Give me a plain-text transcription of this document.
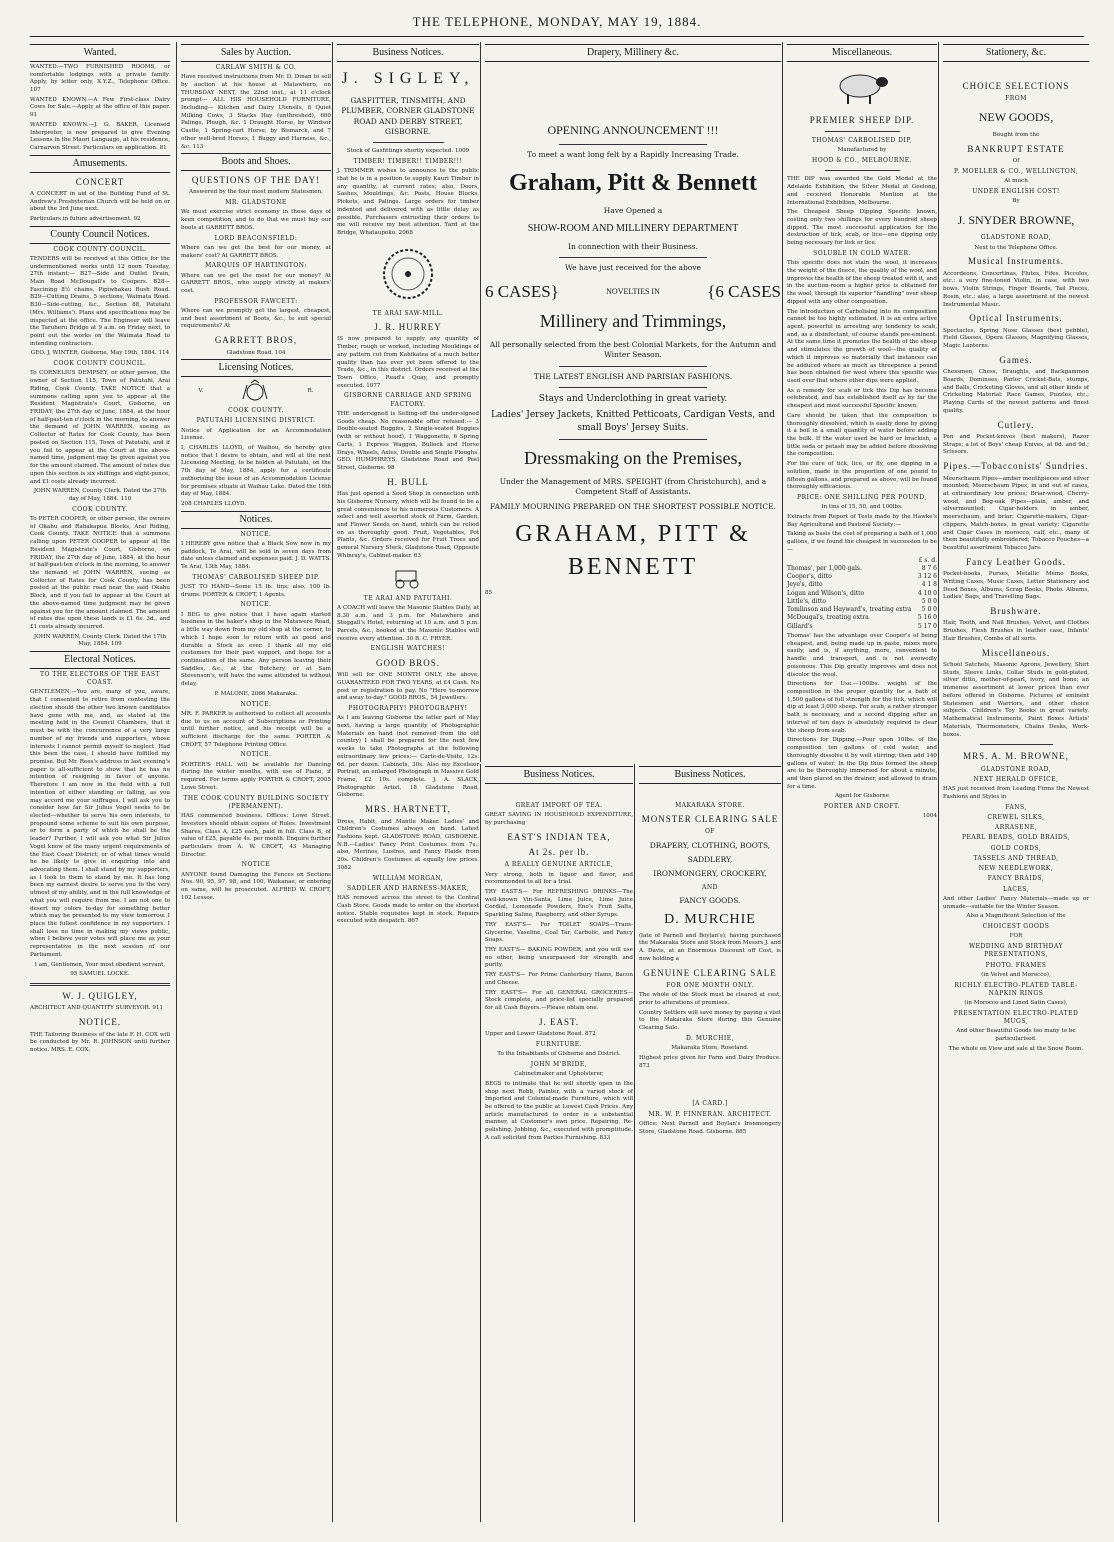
THE TELEPHONE, MONDAY, MAY 19, 1884.
Wanted.
WANTED.—TWO FURNISHED ROOMS, or comfortable lodgings with a private family. Apply, by letter only, X.Y.Z., Telephone Office. 107
WANTED KNOWN.—A Few First-class Dairy Cows for Sale.—Apply at the office of this paper. 91
WANTED KNOWN.—J. G. BAKER, Licensed Interpreter, is now prepared to give Evening Lessons in the Maori Language, at his residence, Carnarvon Street. Particulars on application. 81
Amusements.
CONCERT
A CONCERT in aid of the Building Fund of St. Andrew's Presbyterian Church will be held on or about the 3rd June next.
Particulars in future advertisement. 92
County Council Notices.
COOK COUNTY COUNCIL.
TENDERS will be received at this Office for the undermentioned works until 12 noon Tuesday, 27th instant:— B27—Side and Outlet Drain, Main Road McDougall's to Coopers. B28—Fascining 8½ chains, Pipiwhakau Bush Road. B29—Cutting Drains, 5 sections, Waimata Road. B30—Side-cutting, &c., Section 88, Patutahi (Mrs. Williams'). Plans and specifications may be inspected at the office. The Engineer will leave the Taruheru Bridge at 9 a.m. on Friday next, to point out the works on the Waimata Road to intending contractors.
GEO. J. WINTER, Gisborne, May 19th, 1884. 114
COOK COUNTY COUNCIL.
To CORNELIUS DEMPSEY, or other person, the owner of Section 115, Town of Patutahi, Arai Riding, Cook County. TAKE NOTICE that a summons calling upon you to appear at the Resident Magistrate's Court, Gisborne, on FRIDAY, the 27th day of June, 1884, at the hour of half-past-ten o'clock in the morning, to answer the demand of JOHN WARREN, sueing as Collector of Rates for Cook County, has been posted on Section 115, Town of Patutahi, and if you fail to appear at the Court at the above-named time, judgment may be given against you for the amount claimed. The amount of rates due upon this section is six shillings and eight-pence, and £1 costs already incurred.
JOHN WARREN, County Clerk. Dated the 27th day of May, 1884. 110
COOK COUNTY.
To PETER COOPER, or other person, the owners of Okahu and Rahakapua Blocks, Arai Riding, Cook County. TAKE NOTICE that a summons calling upon PETER COOPER to appear at the Resident Magistrate's Court, Gisborne, on FRIDAY, the 27th day of June, 1884, at the hour of half-past-ten o'clock in the morning, to answer the demand of JOHN WARREN, sueing as Collector of Rates for Cook County, has been posted at the public road near the said Okahu Block, and if you fail to appear at the Court at the above-named time judgment may be given against you for the amount claimed. The amount of rates due upon these lands is £1 6s. 3d., and £1 costs already incurred.
JOHN WARREN, County Clerk. Dated the 17th May, 1884. 109
Electoral Notices.
TO THE ELECTORS OF THE EAST COAST.
GENTLEMEN,—You are, many of you, aware, that I consented to retire from contesting the election should the other two known candidates have gone with me, and, as stated at the meeting held in the Council Chambers, that it must be with the concurrence of a very large number of my friends and supporters, whose interests I cannot permit myself to neglect. Had this been the case, I should have fulfilled my promise. But Mr. Rees's address in last evening's paper is all-sufficient to show that he has no intention of resigning in favor of anyone. Therefore I am now in the field with a full intention of either standing or falling, as you may accord me your suffrages. I will ask you to consider how far Sir Julius Vogel seeks to be elected—whether to serve his own interests, to propound some scheme to suit his own purpose, or to form a party of which he shall be the leader? Further, I will ask you what Sir Julius Vogel know of the many urgent requirements of the East Coast District; or of what times would he be likely to give in enquiring into and advocating them. I shall stand by my supporters, as I look to them to stand by me. It has long been my earnest desire to serve you to the very utmost of my ability, and in the full knowledge of what you will require from me. I am not one to desert my colors to-day for something better which may be presented to my view tomorrow. I place the fullest confidence in my supporters. I shall lose no time in making my views public, when I believe your votes will place me as your representative in the next session of our Parliament.
I am, Gentlemen, Your most obedient servant,
95 SAMUEL LOCKE.
W. J. QUIGLEY,
ARCHITECT AND QUANTITY SURVEYOR. 911
NOTICE.
THE Tailoring Business of the late F. H. COX will be conducted by Mr. R. JOHNSON until further notice. MRS. E. COX.
Sales by Auction.
CARLAW SMITH & CO.
Have received instructions from Mr. D. Dinan to sell by auction at his house at Matawhero, on THURSDAY NEXT, the 22nd inst., at 11 o'clock prompt— ALL HIS HOUSEHOLD FURNITURE, Including— Kitchen and Dairy Utensils, 8 Quiet Milking Cows, 3 Stacks Hay (unthreshed), 600 Palings, Plough, &c. 1 Draught Horse, by Windsor Castle, 1 Spring-cart Horse, by Bismarck, and 7 other well-bred Horses, 1 Buggy and Harness, &c., &c. 113
Boots and Shoes.
QUESTIONS OF THE DAY!
Answered by the four most modern Statesmen.
MR. GLADSTONE
We must exercise strict economy in these days of keen competition, and to do that we must buy our boots at GARRETT BROS.
LORD BEACONSFIELD:
Where can we get the best for our money, at makers' cost? At GARRETT BROS.
MARQUIS OF HARTINGTON:
Where can we get the most for our money? At GARRETT BROS., who supply strictly at makers' cost.
PROFESSOR FAWCETT:
Where can we promptly get the largest, cheapest, and best assortment of Boots, &c., to suit special requirements? At
GARRETT BROS,
Gladstone Road. 104
Licensing Notices.
V.	R.
COOK COUNTY.
PATUTAHI LICENSING DISTRICT.
Notice of Application for an Accommodation License.
I, CHARLES LLOYD, of Waihou, do hereby give notice that I desire to obtain, and will at the next Licensing Meeting, to be holden at Patutahi, on the 7th day of May, 1884, apply for a certificate authorising the issue of an Accommodation License for premises situate at Waihau Lake. Dated the 16th day of May, 1884.
208 CHARLES LLOYD.
Notices.
NOTICE.
I HEREBY give notice that a Black Sow now in my paddock, Te Arai, will be sold in seven days from date unless claimed and expenses paid. J. D. WATTS. Te Arai, 13th May, 1884.
THOMAS' CARBOLISED SHEEP DIP.
JUST TO HAND—Some 15 lb. tins; also, 100 lb. drums. PORTER & CROFT, 1 Agents.
NOTICE.
I BEG to give notice that I have again started business in the baker's shop in the Matawero Road, a little way down from my old shop at the corner, to which I hope soon to return with as good and durable a Stock as ever. I thank all my old customers for their past support, and hope for a continuation of the same. Any person leaving their Saddles, &c., at the Butchery, or at Sam Stevenson's, will have the same attended to without delay.
P. MALONE, 2066 Makaraka.
NOTICE.
MR. F. PARKER is authorised to collect all accounts due to us on account of Subscriptions or Printing until further notice, and his receipt will be a sufficient discharge for the same. PORTER & CROFT, 57 Telephone Printing Office.
NOTICE.
PORTER'S HALL will be available for Dancing during the winter months, with use of Piano, if required. For terms apply PORTER & CROFT, 2005 Lowe Street.
THE COOK COUNTY BUILDING SOCIETY (PERMANENT).
HAS commenced business. Offices: Lowe Street. Investors should obtain copies of Rules. Investment Shares, Class A, £25 each, paid in full. Class B, of value of £25, payable 4s. per month. Enquire further particulars from A. W. CROFT, 43 Managing Director.
NOTICE
ANYONE found Damaging the Fences on Sections Nos. 90, 95, 97, 98, and 100, Waikanae, or entering on same, will be prosecuted. ALFRED W. CROFT, 102 Lessee.
Business Notices.
J. SIGLEY,
GASFITTER, TINSMITH, AND PLUMBER, CORNER GLADSTONE ROAD AND DERBY STREET, GISBORNE.
Stock of Gasfittings shortly expected. 1009
TIMBER! TIMBER!! TIMBER!!!
J. TRIMMER wishes to announce to the public that he is in a position to supply Kauri Timber in any quantity, at current rates; also, Doors, Sashes, Mouldings, &c. Posts, House Blocks, Pickets, and Palings. Large orders for timber indented and delivered with as little delay as possible. Purchasers entrusting their orders to me will receive my best attention. Yard at the Bridge, Whataupoko. 2068
TE ARAI SAW-MILL.
J. R. HURREY
IS now prepared to supply any quantity of Timber, rough or worked, including Mouldings of any pattern cut from Kahikatea of a much better quality than has ever yet been offered to the Trade, &c., in this district. Orders received at the Town Office, Read's Quay, and promptly executed. 1077
GISBORNE CARRIAGE AND SPRING FACTORY.
THE undersigned is Selling-off the under-signed Goods cheap. No reasonable offer refused:— 3 Double-seated Buggies, 2 Single-seated Buggies (with or without hood), 1 Waggonette, 6 Spring Carts, 1 Express Waggon, Bullock and Horse Drays, Wheels, Axles, Double and Single Ploughs. GEO. HUMPHREYS, Gladstone Road and Peel Street, Gisborne. 98
H. BULL
Has just opened a Seed Shop in connection with his Gisborne Nursery, which will be found to be a great convenience to his numerous Customers. A select and well assorted stock of Farm, Garden, and Flower Seeds on hand, which can be relied on as thoroughly good. Fruit, Vegetables, Pot Plants, &c. Orders received for Fruit Trees and general Nursery Stock. Gladstone Road, Opposite Whinray's, Cabinet-maker. 63
TE ARAI AND PATUTAHI.
A COACH will leave the Masonic Stables Daily, at 8.30 a.m. and 3 p.m. for Matawhero and Steggall's Hotel, returning at 10 a.m. and 5 p.m. Parcels, &c., booked at the Masonic Stables will receive every attention. 30 B. C. FRYER.
ENGLISH WATCHES!
GOOD BROS.
Will sell for ONE MONTH ONLY, the above, GUARANTEED FOR TWO YEARS, at £4 Cash. No post or registration to pay. No "Here to-morrow and away to-day." GOOD BROS., 54 Jewellers.
PHOTOGRAPHY! PHOTOGRAPHY!
As I am leaving Gisborne the latter part of May next, having a large quantity of Photographic Materials on hand (not removed from the old country) I shall be prepared for the next few weeks to take Photographs at the following extraordinary low prices:— Carte-de-Visite, 12s. 6d. per dozen. Cabinets, 30s. Also my Excelsior Portrait, an enlarged Photograph in Massive Gold Frame, £2 10s. complete. J. A. SLACK, Photographic Artist, 18 Gladstone Road, Gisborne.
MRS. HARTNETT,
Dress, Habit, and Mantle Maker. Ladies' and Children's Costumes always on hand. Latest Fashions kept. GLADSTONE ROAD, GISBORNE. N.B.—Ladies' Fancy Print Costumes from 7s.; also, Merinos, Lustres, and Fancy Plaids from 20s. Children's Costumes at equally low prices. 3082
WILLIAM MORGAN,
SADDLER AND HARNESS-MAKER,
HAS removed across the street to the Central Cash Store. Goods made to order on the shortest notice. Stable requisites kept in stock. Repairs executed with despatch. 867
Drapery, Millinery &c.
OPENING ANNOUNCEMENT !!!
To meet a want long felt by a Rapidly Increasing Trade.
Graham, Pitt & Bennett
Have Opened a
SHOW-ROOM AND MILLINERY DEPARTMENT
In connection with their Business.
We have just received for the above
6 CASES}	NOVELTIES IN	{6 CASES
Millinery and Trimmings,
All personally selected from the best Colonial Markets, for the Autumn and Winter Season.
THE LATEST ENGLISH AND PARISIAN FASHIONS.
Stays and Underclothing in great variety.
Ladies' Jersey Jackets, Knitted Petticoats, Cardigan Vests, and small Boys' Jersey Suits.
Dressmaking on the Premises,
Under the Management of MRS. SPEIGHT (from Christchurch), and a Competent Staff of Assistants.
FAMILY MOURNING PREPARED ON THE SHORTEST POSSIBLE NOTICE.
GRAHAM, PITT & BENNETT
85
Business Notices.
GREAT IMPORT OF TEA.
GREAT SAVING IN HOUSEHOLD EXPENDITURE, by purchasing
EAST'S INDIAN TEA,
At 2s. per lb.
A REALLY GENUINE ARTICLE,
Very strong, both in liquor and flavor, and recommended to all for a trial.
TRY EAST'S— For REFRESHING DRINKS—The well-known Vin-Santa, Lime Juice, Lime Juice Cordial, Lemonade Powders, Eno's Fruit Salts, Sparkling Saline, Raspberry, and other Syrups.
TRY EAST'S— For TOILET SOAPS—Trans-Glycerine, Vaseline, Coal Tar, Carbolic, and Fancy Soaps.
TRY EAST'S— BAKING POWDER, and you will use no other, being unsurpassed for strength and purity.
TRY EAST'S— For Prime Canterbury Hams, Bacon and Cheese.
TRY EAST'S— For all GENERAL GROCERIES—Stock complete, and price-list specially prepared for all Cash Buyers.—Please obtain one.
J. EAST.
Upper and Lower Gladstone Road. 872
FURNITURE.
To the Inhabitants of Gisborne and District.
JOHN M'BRIDE,
Cabinetmaker and Upholsterer,
BEGS to intimate that he will shortly open in the shop next Robb, Painter, with a varied stock of Imported and Colonial-made Furniture, which will be offered to the public at Lowest Cash Prices. Any article manufactured to order in a substantial manner, at Customer's own price. Repairing, Re-polishing, Jobbing, &c., executed with promptitude. A call solicited from Parties Furnishing. 833
Business Notices.
MAKARAKA STORE.
MONSTER CLEARING SALE
OF
DRAPERY, CLOTHING, BOOTS,
SADDLERY,
IRONMONGERY, CROCKERY,
AND
FANCY GOODS.
D. MURCHIE
(late of Parnell and Boylan's), having purchased the Makaraka Store and Stock from Messrs J. and A. Davis, at an Enormous Discount off Cost, is now holding a
GENUINE CLEARING SALE
FOR ONE MONTH ONLY.
The whole of the Stock must be cleared at cost, prior to alterations of premises.
Country Settlers will save money by paying a visit to the Makaraka Store during this Genuine Clearing Sale.
D. MURCHIE,
Makaraka Store, Roseland.
Highest price given for Farm and Dairy Produce. 873
[A CARD.]
MR. W. P. FINNERAN. ARCHITECT.
Office: Next Parnell and Boylan's Ironmongery Store, Gladstone Road. Gisborne. 885
Miscellaneous.
PREMIER SHEEP DIP.
THOMAS' CARBOLISED DIP,
Manufactured by
HOOD & CO., MELBOURNE.
THE DIP was awarded the Gold Medal at the Adelaide Exhibition, the Silver Medal at Geelong, and received Honorable Mention at the International Exhibition, Melbourne.
The Cheapest Sheep Dipping Specific known, costing only two shillings for every hundred sheep dipped. The most successful application for the destruction of tick, scab, or lice—one dipping only being necessary for tick or lice.
SOLUBLE IN COLD WATER.
This specific does not stain the wool, it increases the weight of the fleece, the quality of the wool, and improves the health of the sheep treated with it, and in the auction-room a higher price is obtained for the wool, through its superior "handling" over sheep dipped with any other composition.
The introduction of Carbolising into its composition cannot be too highly estimated. It is an extra active agent, powerful in arresting any tendency to scab, and, as a disinfectant, of course stands pre-eminent. At the same time it promotes the health of the sheep and stimulates the growth of wool—the quality of which it improves so materially that instances can be adduced where as much as threepence a pound has been obtained for wool where this specific was used over that where other dips were applied.
As a remedy for scab or tick this Dip has become celebrated, and has established itself as by far the cheapest and most successful Specific known.
Care should be taken that the composition is thoroughly dissolved, which is easily done by giving it a boil in a small quantity of water before adding the bulk. If the water used be hard or brackish, a little soda or potash may be added before dissolving the composition.
For the cure of tick, lice, or fly, one dipping in a solution, made in the proportion of one pound to fifteen gallons, and prepared as above, will be found thoroughly efficacious.
PRICE: ONE SHILLING PER POUND,
In tins of 15, 50, and 100lbs.
Extracts from Report of Tests made by the Hawke's Bay Agricultural and Pastoral Society:—
Taking as basis the cost of preparing a bath of 1,000 gallons, if we found the cheapest in succession to be—
£ s. d.
Thomas', per 1,000 gals.	8 7 6
Cooper's, ditto	3 12 6
Jeye's, ditto	4 1 8
Logan and Wilson's, ditto	4 10 0
Little's, ditto	5 0 0
Tomlinson and Hayward's, treating extra 5 0 0
McDougal's, treating extra	5 16 0
Gillard's	5 17 0
Thomas' has the advantage over Cooper's of being cheapest, and, being made up in paste, mixes more easily, and is, if anything, more, convenient to handle and transport, and is not avowedly poisonous. This Dip greatly improves and does not discolor the wool.
Directions for Use.—100lbs. weight of the composition in the proper quantity for a bath of 1,500 gallons of full strength for the tick, which will dip at least 3,000 sheep. For scab, a rather stronger bath is necessary, and a second dipping after an interval of ten days is absolutely required to clear the sheep from scab.
Directions for Dipping.—Pour upon 10lbs. of the composition ten gallons of cold water, and thoroughly dissolve it by well stirring; then add 140 gallons of water. In the Dip thus formed the sheep are to be thoroughly immersed for about a minute, and then placed on the drainer, and allowed to drain for a time.
Agent for Gisborne
PORTER AND CROFT.
1004
Stationery, &c.
CHOICE SELECTIONS
FROM
NEW GOODS,
Bought from the
BANKRUPT ESTATE
Of
P. MOELLER & CO., WELLINGTON,
At much
UNDER ENGLISH COST!
By
J. SNYDER BROWNE,
GLADSTONE ROAD,
Next to the Telephone Office.
Musical Instruments.
Accordeons, Concertinas, Flutes, Fifes, Piccolos, etc.: a very fine-toned Violin, in case, with two bows. Violin Strings, Finger Boards, Tail Pieces, Rosin, etc.; also, a large assortment of the newest Instrumental Music.
Optical Instruments.
Spectacles, Spring Nose Glasses (best pebble), Field Glasses, Opera Glasses, Magnifying Glasses, Magic Lanterns.
Games.
Chessmen, Chess, Draughts, and Backgammon Boards, Dominoes, Parlor Cricket-Bats, stumps, and Balls, Cricketing Gloves, and all other kinds of Cricketing Material: Race Games, Puzzles, etc.; Playing Cards of the newest patterns and finest quality.
Cutlery.
Pen and Pocket-knives (best makers), Razor Straps; a lot of Boys' cheap Knives, at 6d. and 9d.; Scissors.
Pipes.—Tobacconists' Sundries.
Meerschaum Pipes—amber mouthpieces and silver mounted; Meerschaum Pipes, in and out of cases, at extraordinary low prices; Briar-wood, Cherry-wood, and Bog-oak Pipes—plain, amber, and silvermounted; Cigar-holders in amber, meerschaum, and briar; Cigarette-makers, Cigar-clippers, Match-boxes, in great variety; Cigarette and Cigar Cases in morocco, calf, etc., many of them beautifully embroidered; Tobacco Pouches—a beautiful assortment Tobacco Jars.
Fancy Leather Goods.
Pocket-books, Purses, Metallic Memo Books, Writing Cases, Music Cases, Letter Stationery and Deed Boxes, Albums, Scrap Books, Photo. Albums, Ladies' Bags, and Travelling Bags.
Brushware.
Hair, Tooth, and Nail Brushes, Velvet, and Clothes Brushes, Flesh Brushes in leather case, Infants' Hair Brushes, Combs of all sorts.
Miscellaneous.
School Satchels, Masonic Aprons, Jewellery, Shirt Studs, Sleeve Links, Collar Studs in gold-plated, silver ditto, mother-of-pearl, ivory, and bone; an immense assortment at lower prices than ever before offered in Gisborne. Pictures of eminent Statesmen and Warriors, and other choice subjects. Children's Toy Books in great variety. Mathematical Instruments, Paint Boxes Artists' Materials, Thermometers, Chains Desks, Work-boxes.
MRS. A. M. BROWNE,
GLADSTONE ROAD,
NEXT HERALD OFFICE,
HAS just received from Leading Firms the Newest Fashions and Styles in
FANS,
CREWEL SILKS,
ARRASENE,
PEARL BEADS, GOLD BRAIDS,
GOLD CORDS,
TASSELS AND THREAD,
NEW NEEDLEWORK,
FANCY BRAIDS,
LACES,
And other Ladies' Fancy Materials—made up or unmade—suitable for the Winter Season.
Also a Magnificent Selection of the
CHOICEST GOODS
FOR
WEDDING AND BIRTHDAY PRESENTATIONS,
PHOTO. FRAMES
(in Velvet and Morocco),
RICHLY ELECTRO-PLATED TABLE-NAPKIN RINGS
(in Morocco and Lined Satin Cases),
PRESENTATION ELECTRO-PLATED MUGS,
And other Beautiful Goods too many to be particularised.
The whole on View and sale at the Snow Room.
